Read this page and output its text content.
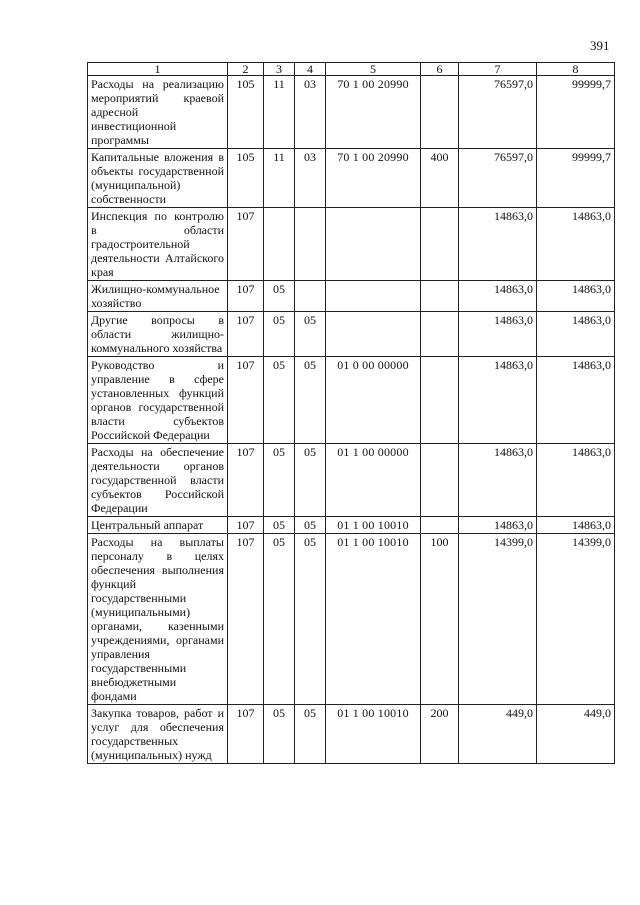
391
1	2	3	4	5	6	7	8
Расходы на реализацию мероприятий краевой адресной инвестиционной программы	105	11	03	70 1 00 20990		76597,0	99999,7
Капитальные вложения в объекты государственной (муниципальной) собственности	105	11	03	70 1 00 20990	400	76597,0	99999,7
Инспекция по контролю в области градостроительной деятельности Алтайского края	107					14863,0	14863,0
Жилищно-коммунальное хозяйство	107	05				14863,0	14863,0
Другие вопросы в области жилищно-коммунального хозяйства	107	05	05			14863,0	14863,0
Руководство и управление в сфере установленных функций органов государственной власти субъектов Российской Федерации	107	05	05	01 0 00 00000		14863,0	14863,0
Расходы на обеспечение деятельности органов государственной власти субъектов Российской Федерации	107	05	05	01 1 00 00000		14863,0	14863,0
Центральный аппарат	107	05	05	01 1 00 10010		14863,0	14863,0
Расходы на выплаты персоналу в целях обеспечения выполнения функций государственными (муниципальными) органами, казенными учреждениями, органами управления государственными внебюджетными фондами	107	05	05	01 1 00 10010	100	14399,0	14399,0
Закупка товаров, работ и услуг для обеспечения государственных (муниципальных) нужд	107	05	05	01 1 00 10010	200	449,0	449,0
